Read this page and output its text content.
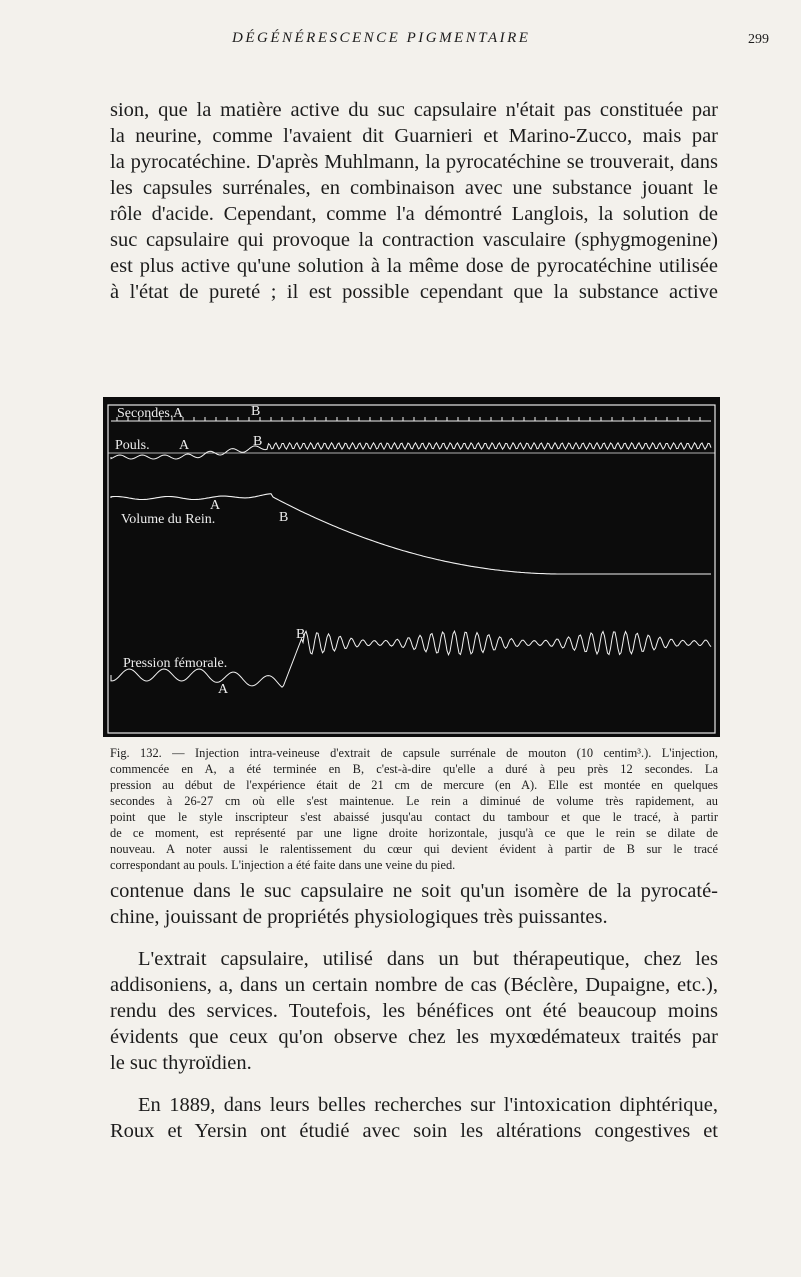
DÉGÉNÉRESCENCE PIGMENTAIRE	299

sion, que la matière active du suc capsulaire n'était pas constituée par
la neurine, comme l'avaient dit Guarnieri et Marino-Zucco, mais par
la pyrocatéchine. D'après Muhlmann, la pyrocatéchine se trouverait, dans
les capsules surrénales, en combinaison avec une substance jouant le
rôle d'acide. Cependant, comme l'a démontré Langlois, la solution de
suc capsulaire qui provoque la contraction vasculaire (sphygmogenine)
est plus active qu'une solution à la même dose de pyrocatéchine utilisée
à l'état de pureté ; il est possible cependant que la substance active

Secondes. A	B
Pouls. A	B
A
Volume du Rein.	B
B
Pression fémorale.
A
Fig. 132. — Injection intra-veineuse d'extrait de capsule surrénale de mouton (10 centim³.). L'injection,
commencée en A, a été terminée en B, c'est-à-dire qu'elle a duré à peu près 12 secondes. La
pression au début de l'expérience était de 21 cm de mercure (en A). Elle est montée en quelques
secondes à 26-27 cm où elle s'est maintenue. Le rein a diminué de volume très rapidement, au
point que le style inscripteur s'est abaissé jusqu'au contact du tambour et que le tracé, à partir
de ce moment, est représenté par une ligne droite horizontale, jusqu'à ce que le rein se dilate de
nouveau. A noter aussi le ralentissement du cœur qui devient évident à partir de B sur le tracé
correspondant au pouls. L'injection a été faite dans une veine du pied.

contenue dans le suc capsulaire ne soit qu'un isomère de la pyrocaté-
chine, jouissant de propriétés physiologiques très puissantes.

L'extrait capsulaire, utilisé dans un but thérapeutique, chez les
addisoniens, a, dans un certain nombre de cas (Béclère, Dupaigne, etc.),
rendu des services. Toutefois, les bénéfices ont été beaucoup moins
évidents que ceux qu'on observe chez les myxœdémateux traités par
le suc thyroïdien.

En 1889, dans leurs belles recherches sur l'intoxication diphtérique,
Roux et Yersin ont étudié avec soin les altérations congestives et
